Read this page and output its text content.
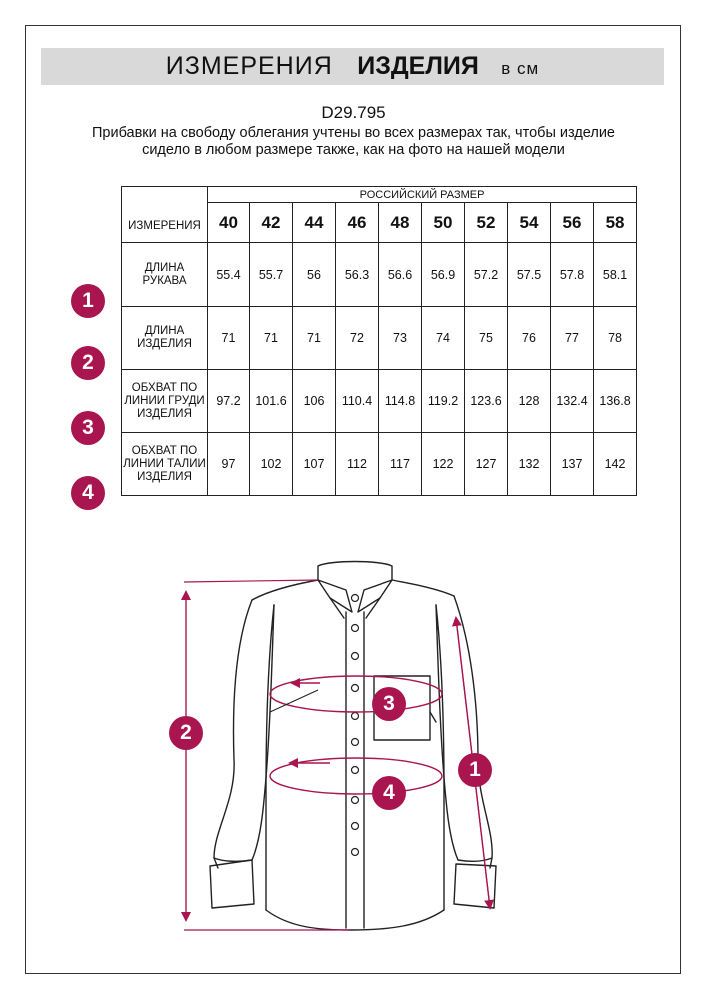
ИЗМЕРЕНИЯ ИЗДЕЛИЯ в см
D29.795
Прибавки на свободу облегания учтены во всех размерах так, чтобы изделие сидело в любом размере также, как на фото на нашей модели
1
2
3
4
ИЗМЕРЕНИЯ	РОССИЙСКИЙ РАЗМЕР									
	40	42	44	46	48	50	52	54	56	58
ДЛИНА РУКАВА	55.4	55.7	56	56.3	56.6	56.9	57.2	57.5	57.8	58.1
ДЛИНА ИЗДЕЛИЯ	71	71	71	72	73	74	75	76	77	78
ОБХВАТ ПО ЛИНИИ ГРУДИ ИЗДЕЛИЯ	97.2	101.6	106	110.4	114.8	119.2	123.6	128	132.4	136.8
ОБХВАТ ПО ЛИНИИ ТАЛИИ ИЗДЕЛИЯ	97	102	107	112	117	122	127	132	137	142
2
3
4
1
